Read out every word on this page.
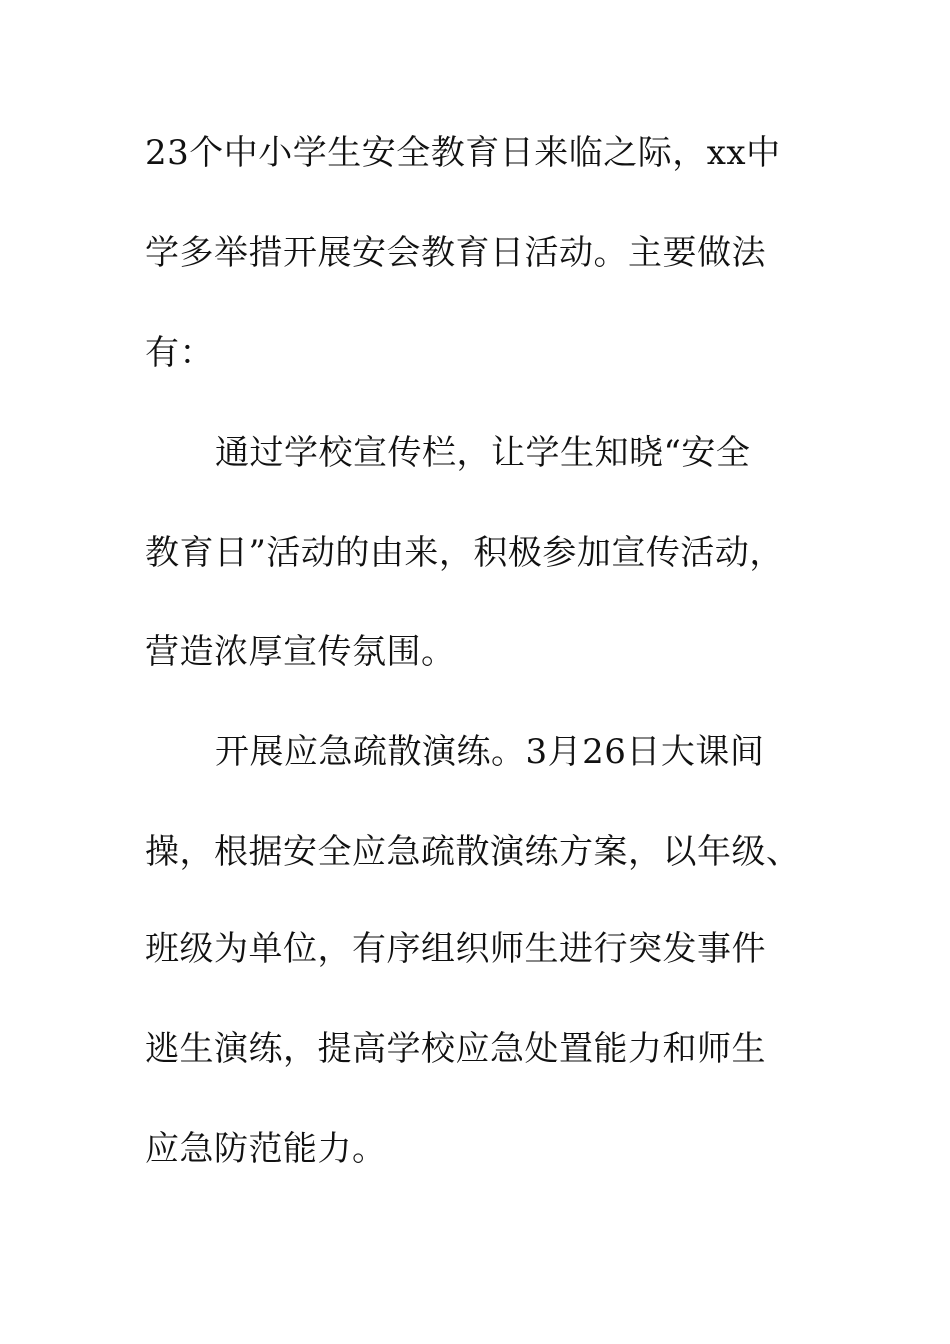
23个中小学生安全教育日来临之际，xx中
学多举措开展安会教育日活动。主要做法
有：
通过学校宣传栏，让学生知晓“安全
教育日”活动的由来，积极参加宣传活动，
营造浓厚宣传氛围。
开展应急疏散演练。3月26日大课间
操，根据安全应急疏散演练方案，以年级、
班级为单位，有序组织师生进行突发事件
逃生演练，提高学校应急处置能力和师生
应急防范能力。
